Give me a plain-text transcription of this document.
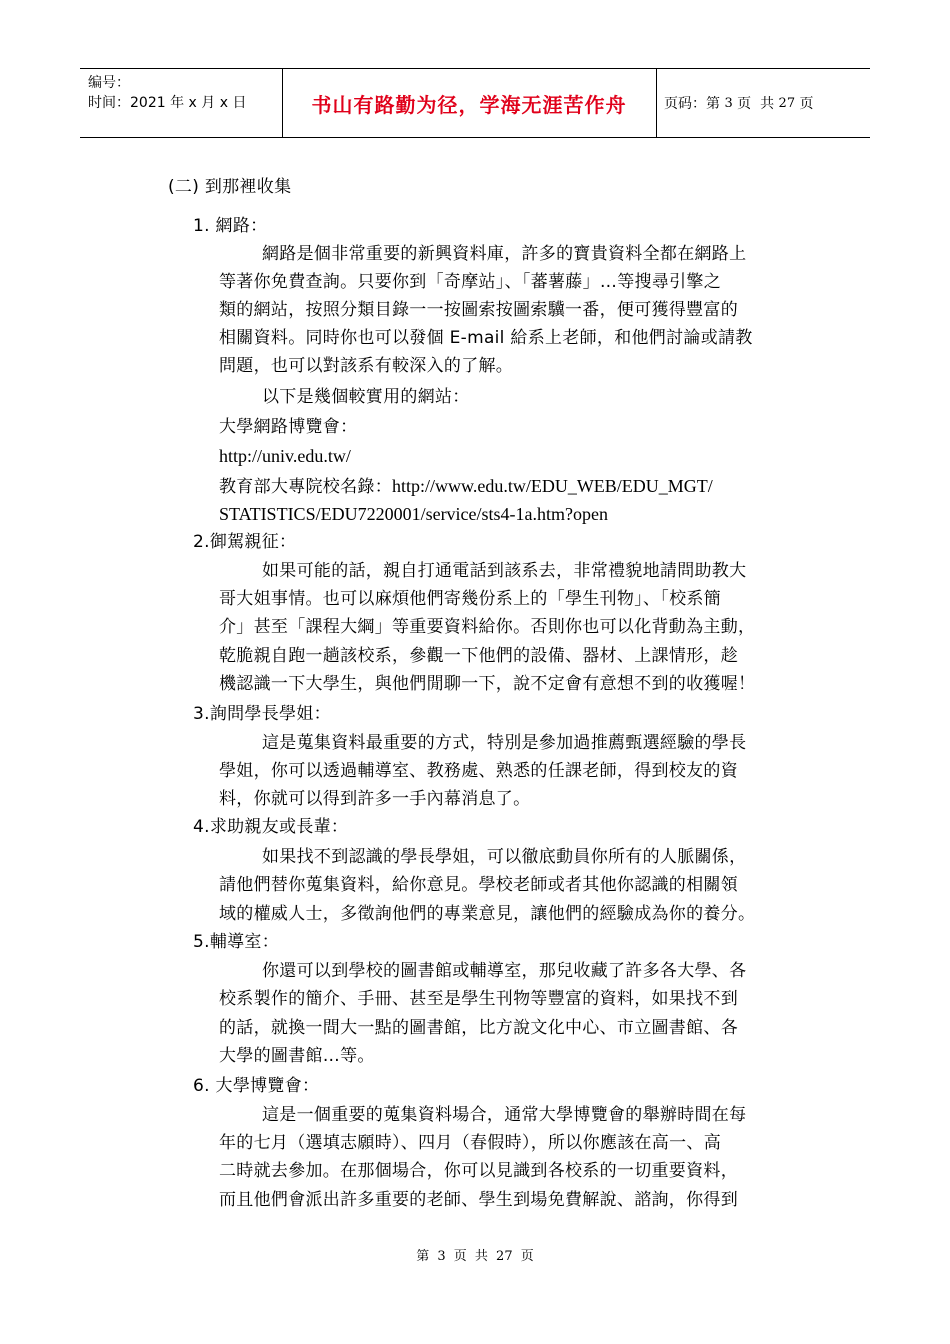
编号：
时间：2021 年 x 月 x 日	书山有路勤为径，学海无涯苦作舟	页码：第 3 页  共 27 页
(二) 到那裡收集
1. 網路：
網路是個非常重要的新興資料庫，許多的寶貴資料全都在網路上
等著你免費查詢。只要你到「奇摩站」、「蕃薯藤」…等搜尋引擎之
類的網站，按照分類目錄一一按圖索按圖索驥一番，便可獲得豐富的
相關資料。同時你也可以發個 E-mail 給系上老師，和他們討論或請教
問題，也可以對該系有較深入的了解。
以下是幾個較實用的網站：
大學網路博覽會：
http://univ.edu.tw/
教育部大專院校名錄：http://www.edu.tw/EDU_WEB/EDU_MGT/
STATISTICS/EDU7220001/service/sts4-1a.htm?open
2.御駕親征：
如果可能的話，親自打通電話到該系去，非常禮貌地請問助教大
哥大姐事情。也可以麻煩他們寄幾份系上的「學生刊物」、「校系簡
介」甚至「課程大綱」等重要資料給你。否則你也可以化背動為主動，
乾脆親自跑一趟該校系，參觀一下他們的設備、器材、上課情形，趁
機認識一下大學生，與他們閒聊一下，說不定會有意想不到的收獲喔！
3.詢問學長學姐：
這是蒐集資料最重要的方式，特別是參加過推薦甄選經驗的學長
學姐，你可以透過輔導室、教務處、熟悉的任課老師，得到校友的資
料，你就可以得到許多一手內幕消息了。
4.求助親友或長輩：
如果找不到認識的學長學姐，可以徹底動員你所有的人脈關係，
請他們替你蒐集資料，給你意見。學校老師或者其他你認識的相關領
域的權威人士，多徵詢他們的專業意見，讓他們的經驗成為你的養分。
5.輔導室：
你還可以到學校的圖書館或輔導室，那兒收藏了許多各大學、各
校系製作的簡介、手冊、甚至是學生刊物等豐富的資料，如果找不到
的話，就換一間大一點的圖書館，比方說文化中心、市立圖書館、各
大學的圖書館…等。
6. 大學博覽會：
這是一個重要的蒐集資料場合，通常大學博覽會的舉辦時間在每
年的七月（選填志願時）、四月（春假時），所以你應該在高一、高
二時就去參加。在那個場合，你可以見識到各校系的一切重要資料，
而且他們會派出許多重要的老師、學生到場免費解說、諮詢，你得到
第 3 页 共 27 页
